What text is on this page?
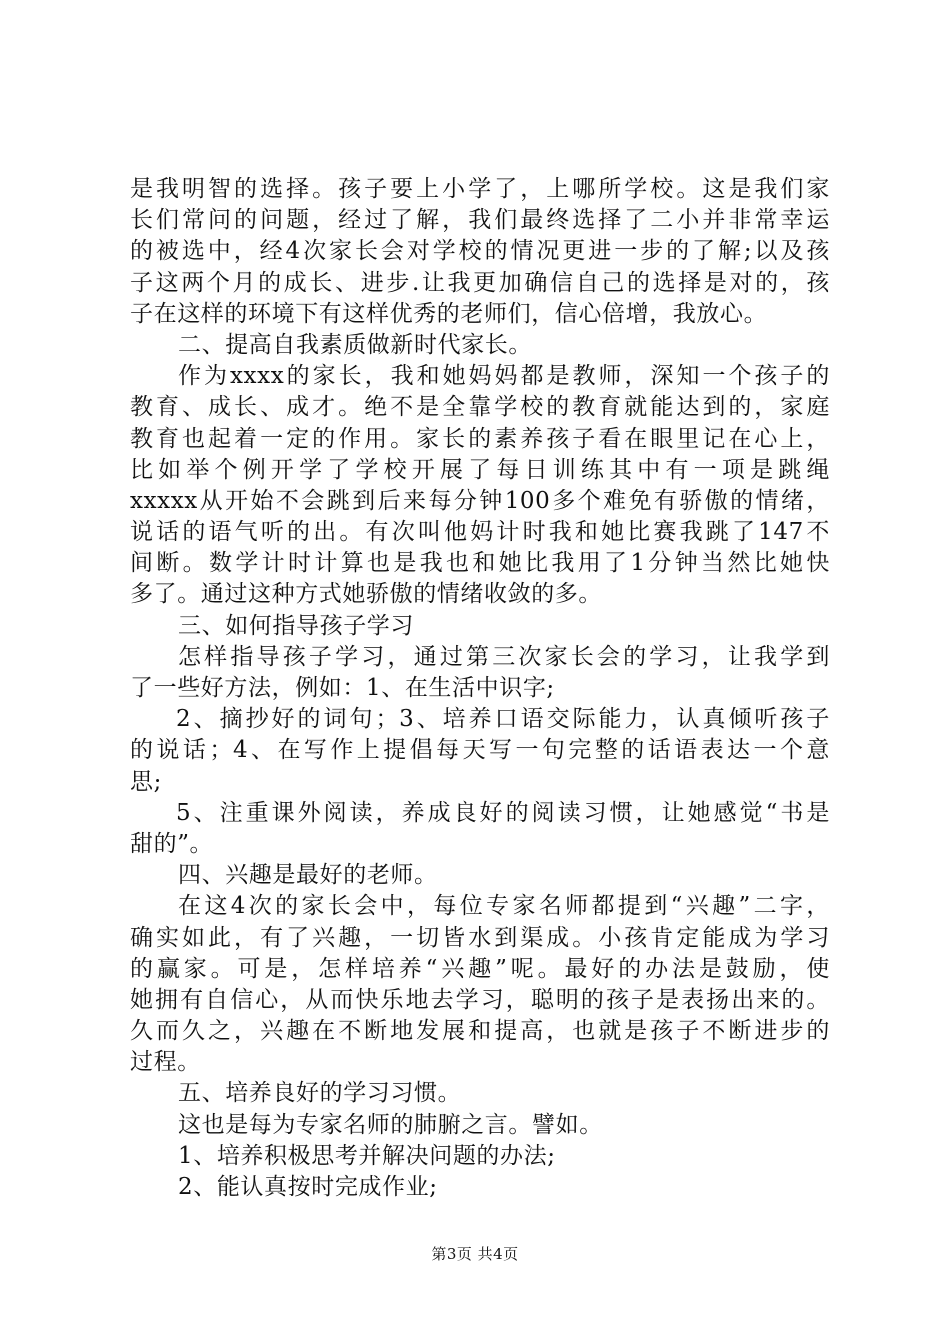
是我明智的选择。孩子要上小学了，上哪所学校。这是我们家
长们常问的问题，经过了解，我们最终选择了二小并非常幸运
的被选中，经4次家长会对学校的情况更进一步的了解;以及孩
子这两个月的成长、进步.让我更加确信自己的选择是对的，孩
子在这样的环境下有这样优秀的老师们，信心倍增，我放心。
二、提高自我素质做新时代家长。
作为xxxx的家长，我和她妈妈都是教师，深知一个孩子的
教育、成长、成才。绝不是全靠学校的教育就能达到的，家庭
教育也起着一定的作用。家长的素养孩子看在眼里记在心上，
比如举个例开学了学校开展了每日训练其中有一项是跳绳
xxxxx从开始不会跳到后来每分钟100多个难免有骄傲的情绪，
说话的语气听的出。有次叫他妈计时我和她比赛我跳了147不
间断。数学计时计算也是我也和她比我用了1分钟当然比她快
多了。通过这种方式她骄傲的情绪收敛的多。
三、如何指导孩子学习
怎样指导孩子学习，通过第三次家长会的学习，让我学到
了一些好方法，例如：1、在生活中识字;
2、摘抄好的词句；3、培养口语交际能力，认真倾听孩子
的说话；4、在写作上提倡每天写一句完整的话语表达一个意
思;
5、注重课外阅读，养成良好的阅读习惯，让她感觉“书是
甜的”。
四、兴趣是最好的老师。
在这4次的家长会中，每位专家名师都提到“兴趣”二字，
确实如此，有了兴趣，一切皆水到渠成。小孩肯定能成为学习
的赢家。可是，怎样培养“兴趣”呢。最好的办法是鼓励，使
她拥有自信心，从而快乐地去学习，聪明的孩子是表扬出来的。
久而久之，兴趣在不断地发展和提高，也就是孩子不断进步的
过程。
五、培养良好的学习习惯。
这也是每为专家名师的肺腑之言。譬如。
1、培养积极思考并解决问题的办法;
2、能认真按时完成作业;
第3页 共4页
